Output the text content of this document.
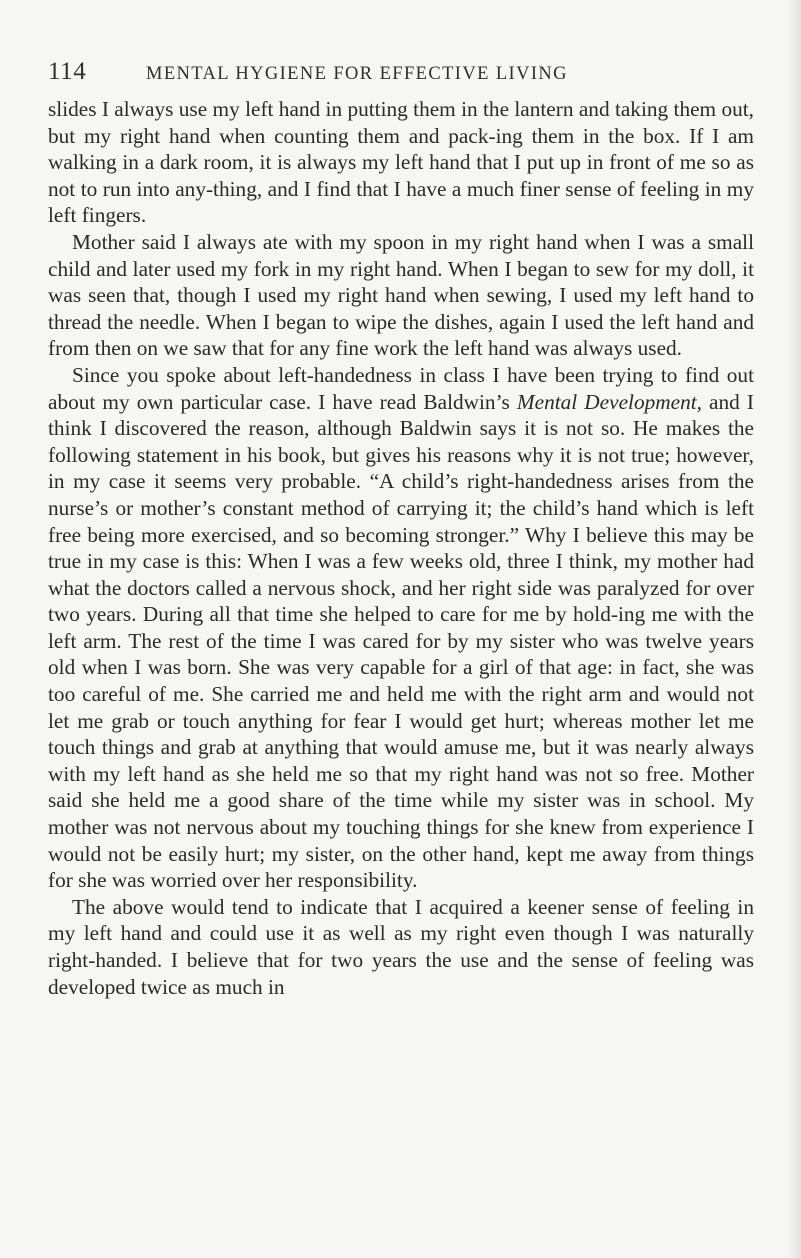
114	MENTAL HYGIENE FOR EFFECTIVE LIVING

slides I always use my left hand in putting them in the lantern and taking them out, but my right hand when counting them and pack-ing them in the box. If I am walking in a dark room, it is always my left hand that I put up in front of me so as not to run into any-thing, and I find that I have a much finer sense of feeling in my left fingers.

Mother said I always ate with my spoon in my right hand when I was a small child and later used my fork in my right hand. When I began to sew for my doll, it was seen that, though I used my right hand when sewing, I used my left hand to thread the needle. When I began to wipe the dishes, again I used the left hand and from then on we saw that for any fine work the left hand was always used.

Since you spoke about left-handedness in class I have been trying to find out about my own particular case. I have read Baldwin’s Mental Development, and I think I discovered the reason, although Baldwin says it is not so. He makes the following statement in his book, but gives his reasons why it is not true; however, in my case it seems very probable. “A child’s right-handedness arises from the nurse’s or mother’s constant method of carrying it; the child’s hand which is left free being more exercised, and so becoming stronger.” Why I believe this may be true in my case is this: When I was a few weeks old, three I think, my mother had what the doctors called a nervous shock, and her right side was paralyzed for over two years. During all that time she helped to care for me by hold-ing me with the left arm. The rest of the time I was cared for by my sister who was twelve years old when I was born. She was very capable for a girl of that age: in fact, she was too careful of me. She carried me and held me with the right arm and would not let me grab or touch anything for fear I would get hurt; whereas mother let me touch things and grab at anything that would amuse me, but it was nearly always with my left hand as she held me so that my right hand was not so free. Mother said she held me a good share of the time while my sister was in school. My mother was not nervous about my touching things for she knew from experience I would not be easily hurt; my sister, on the other hand, kept me away from things for she was worried over her responsibility.

The above would tend to indicate that I acquired a keener sense of feeling in my left hand and could use it as well as my right even though I was naturally right-handed. I believe that for two years the use and the sense of feeling was developed twice as much in
